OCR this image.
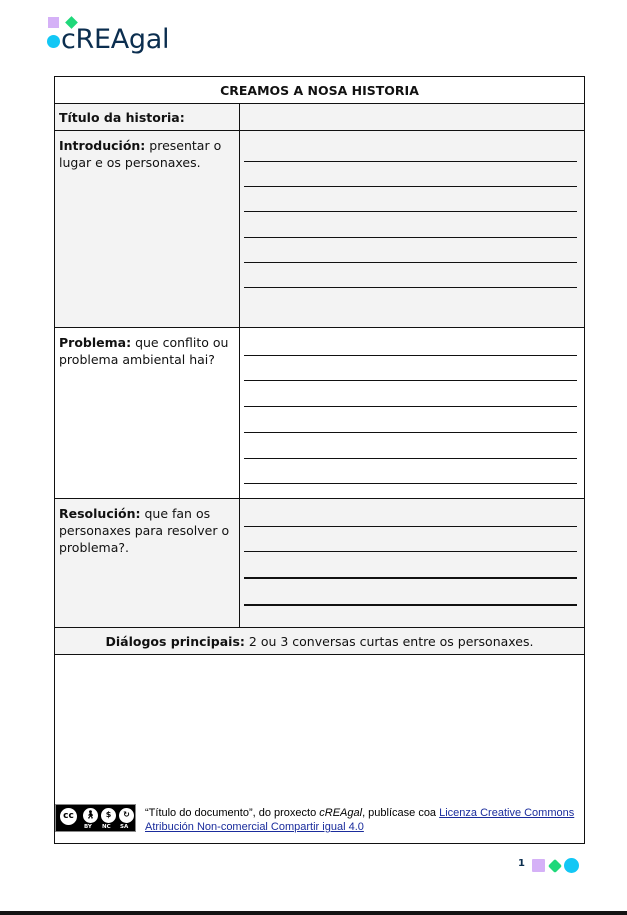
cREAgal
CREAMOS A NOSA HISTORIA	
Título da historia:	
Introdución: presentar o lugar e os personaxes.	

Problema: que conflito ou problema ambiental hai?	

Resolución: que fan os personaxes para resolver o problema?.	

Diálogos principais: 2 ou 3 conversas curtas entre os personaxes.	

cc	🚶︎	$	↻
BY NC SA
“Título do documento”, do proxecto cREAgal, publícase coa Licenza Creative Commons Atribución Non-comercial Compartir igual 4.0
1
